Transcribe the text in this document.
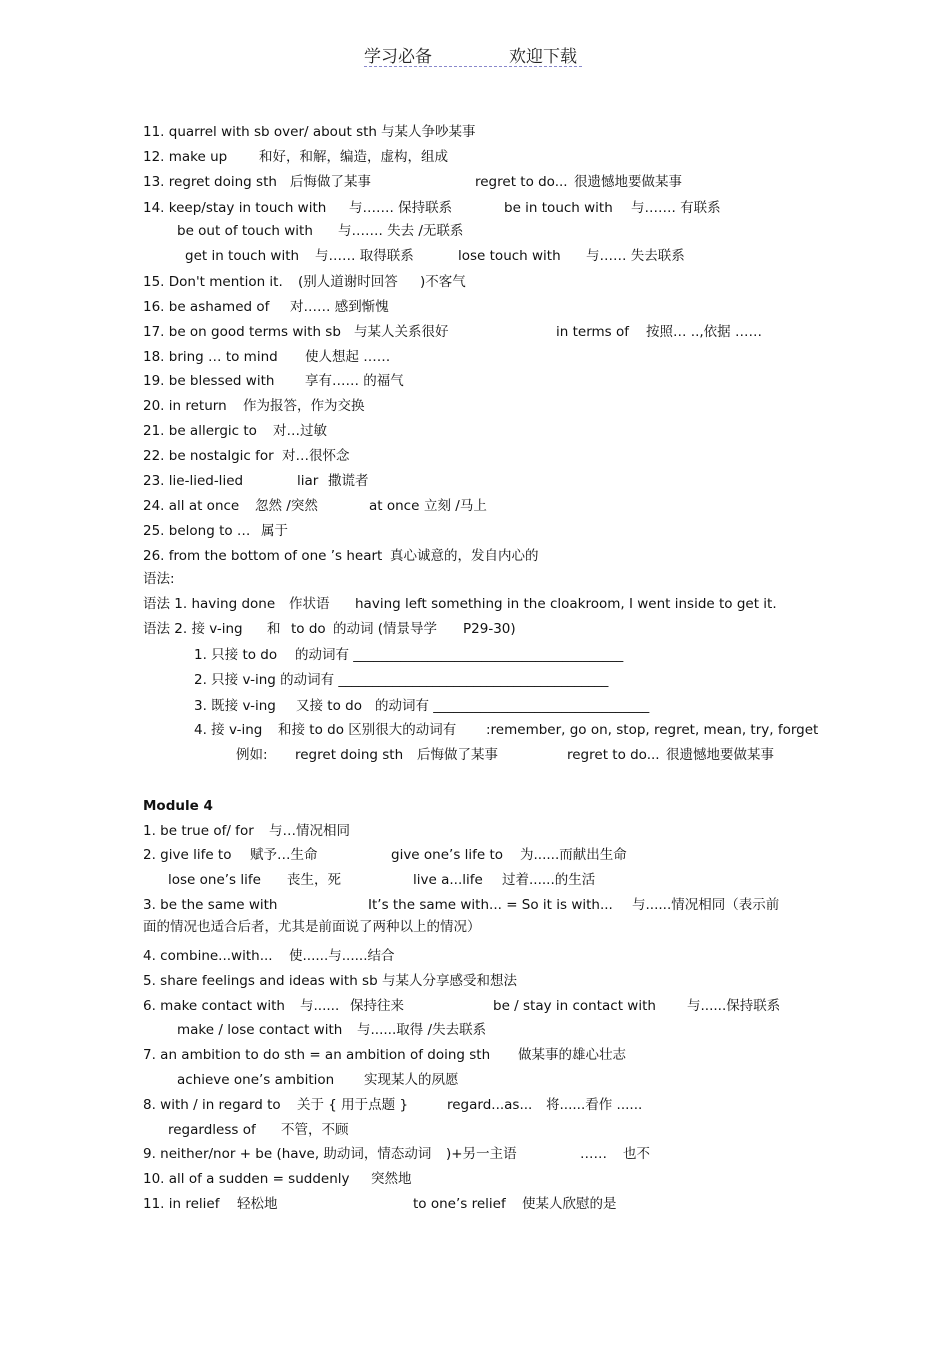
学习必备	欢迎下载
11. quarrel with sb over/ about sth 与某人争吵某事
12. make up 和好，和解，编造，虚构，组成
13. regret doing sth 后悔做了某事	regret to do... 很遗憾地要做某事
14. keep/stay in touch with 与……. 保持联系	be in touch with 与……. 有联系
be out of touch with 与……. 失去 /无联系
get in touch with 与…… 取得联系	lose touch with 与…… 失去联系
15. Don't mention it. (别人道谢时回答 )不客气
16. be ashamed of 对…… 感到惭愧
17. be on good terms with sb 与某人关系很好	in terms of 按照… ..,依据 ……
18. bring … to mind 使人想起 ……
19. be blessed with 享有…… 的福气
20. in return 作为报答，作为交换
21. be allergic to 对…过敏
22. be nostalgic for 对…很怀念
23. lie-lied-lied	liar 撒谎者
24. all at once 忽然 /突然	at once 立刻 /马上
25. belong to … 属于
26. from the bottom of one ’s heart 真心诚意的，发自内心的
语法:
语法 1. having done 作状语 having left something in the cloakroom, I went inside to get it.
语法 2. 接 v-ing 和 to do 的动词 (情景导学 P29-30)
1. 只接 to do 的动词有 ________________________________________
2. 只接 v-ing 的动词有 ________________________________________
3. 既接 v-ing 又接 to do 的动词有 ________________________________
4. 接 v-ing 和接 to do 区别很大的动词有 :remember, go on, stop, regret, mean, try, forget
例如: regret doing sth 后悔做了某事	regret to do... 很遗憾地要做某事
Module 4
1. be true of/ for 与…情况相同
2. give life to 赋予…生命	give one’s life to 为......而献出生命
lose one’s life 丧生，死	live a...life 过着......的生活
3. be the same with	It’s the same with... = So it is with... 与......情况相同（表示前
面的情况也适合后者，尤其是前面说了两种以上的情况）
4. combine...with... 使......与......结合
5. share feelings and ideas with sb 与某人分享感受和想法
6. make contact with 与...... 保持往来	be / stay in contact with 与......保持联系
make / lose contact with 与......取得 /失去联系
7. an ambition to do sth = an ambition of doing sth 做某事的雄心壮志
achieve one’s ambition 实现某人的夙愿
8. with / in regard to 关于 { 用于点题 }	regard...as... 将......看作 ......
regardless of 不管，不顾
9. neither/nor + be (have, 助动词，情态动词 )+另一主语	…… 也不
10. all of a sudden = suddenly 突然地
11. in relief 轻松地	to one’s relief 使某人欣慰的是
